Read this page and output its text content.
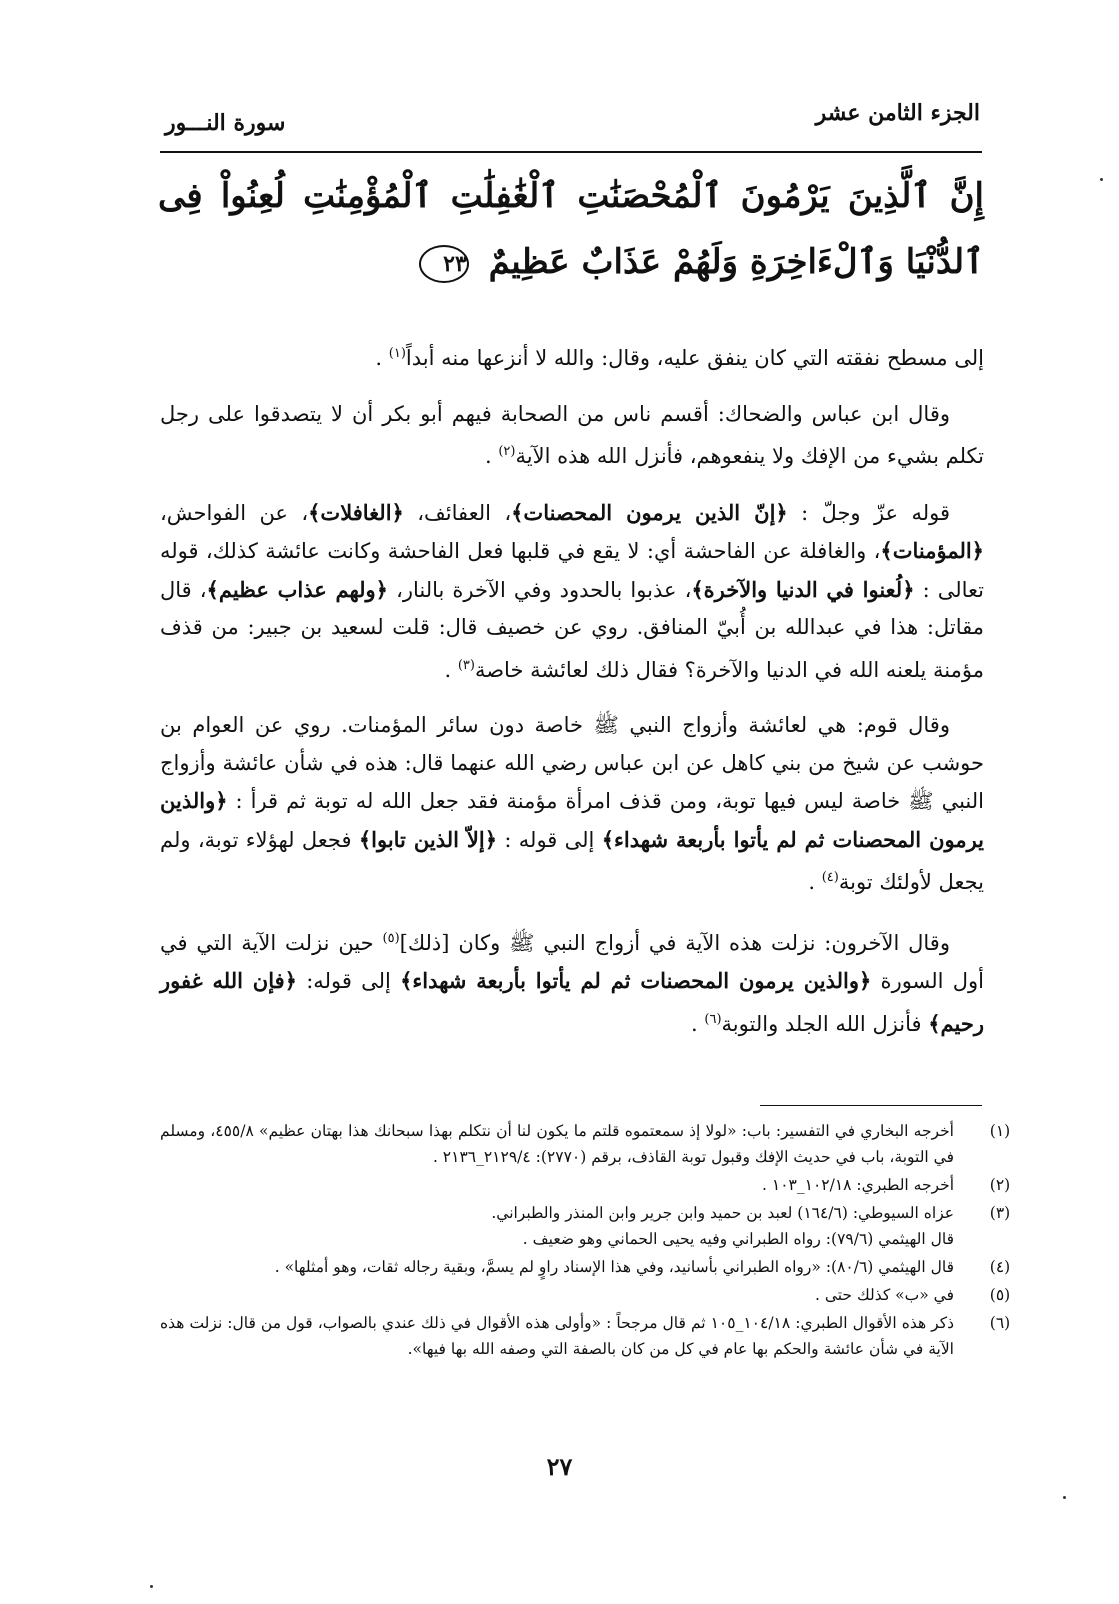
الجزء الثامن عشر
سورة النـــور
إِنَّ ٱلَّذِينَ يَرْمُونَ ٱلْمُحْصَنَٰتِ ٱلْغَٰفِلَٰتِ ٱلْمُؤْمِنَٰتِ لُعِنُواْ فِى ٱلدُّنْيَا وَٱلْءَاخِرَةِ وَلَهُمْ عَذَابٌ عَظِيمٌ ٢٣

إلى مسطح نفقته التي كان ينفق عليه، وقال: والله لا أنزعها منه أبداً$^{(١)}$ .

وقال ابن عباس والضحاك: أقسم ناس من الصحابة فيهم أبو بكر أن لا يتصدقوا على رجل تكلم بشيء من الإفك ولا ينفعوهم، فأنزل الله هذه الآية$^{(٢)}$ .

قوله عزّ وجلّ : ﴿إنّ الذين يرمون المحصنات﴾، العفائف، ﴿الغافلات﴾، عن الفواحش، ﴿المؤمنات﴾، والغافلة عن الفاحشة أي: لا يقع في قلبها فعل الفاحشة وكانت عائشة كذلك، قوله تعالى : ﴿لُعنوا في الدنيا والآخرة﴾، عذبوا بالحدود وفي الآخرة بالنار، ﴿ولهم عذاب عظيم﴾، قال مقاتل: هذا في عبدالله بن أُبيّ المنافق. روي عن خصيف قال: قلت لسعيد بن جبير: من قذف مؤمنة يلعنه الله في الدنيا والآخرة؟ فقال ذلك لعائشة خاصة$^{(٣)}$ .

وقال قوم: هي لعائشة وأزواج النبي ﷺ خاصة دون سائر المؤمنات. روي عن العوام بن حوشب عن شيخ من بني كاهل عن ابن عباس رضي الله عنهما قال: هذه في شأن عائشة وأزواج النبي ﷺ خاصة ليس فيها توبة، ومن قذف امرأة مؤمنة فقد جعل الله له توبة ثم قرأ : ﴿والذين يرمون المحصنات ثم لم يأتوا بأربعة شهداء﴾ إلى قوله : ﴿إلاّ الذين تابوا﴾ فجعل لهؤلاء توبة، ولم يجعل لأولئك توبة$^{(٤)}$ .

وقال الآخرون: نزلت هذه الآية في أزواج النبي ﷺ وكان [ذلك]$^{(٥)}$ حين نزلت الآية التي في أول السورة ﴿والذين يرمون المحصنات ثم لم يأتوا بأربعة شهداء﴾ إلى قوله: ﴿فإن الله غفور رحيم﴾ فأنزل الله الجلد والتوبة$^{(٦)}$ .

(١)
أخرجه البخاري في التفسير: باب: «لولا إذ سمعتموه قلتم ما يكون لنا أن نتكلم بهذا سبحانك هذا بهتان عظيم» ٤٥٥/٨، ومسلم في التوبة، باب في حديث الإفك وقبول توبة القاذف، برقم (٢٧٧٠): ٢١٢٩/٤_٢١٣٦ .
(٢)
أخرجه الطبري: ١٠٢/١٨_١٠٣ .
(٣)
عزاه السيوطي: (١٦٤/٦) لعبد بن حميد وابن جرير وابن المنذر والطبراني.
قال الهيثمي (٧٩/٦): رواه الطبراني وفيه يحيى الحماني وهو ضعيف .
(٤)
قال الهيثمي (٨٠/٦): «رواه الطبراني بأسانيد، وفي هذا الإسناد راوٍ لم يسمَّ، وبقية رجاله ثقات، وهو أمثلها» .
(٥)
في «ب» كذلك حتى .
(٦)
ذكر هذه الأقوال الطبري: ١٠٤/١٨_١٠٥ ثم قال مرجحاً : «وأولى هذه الأقوال في ذلك عندي بالصواب، قول من قال: نزلت هذه الآية في شأن عائشة والحكم بها عام في كل من كان بالصفة التي وصفه الله بها فيها».
٢٧
